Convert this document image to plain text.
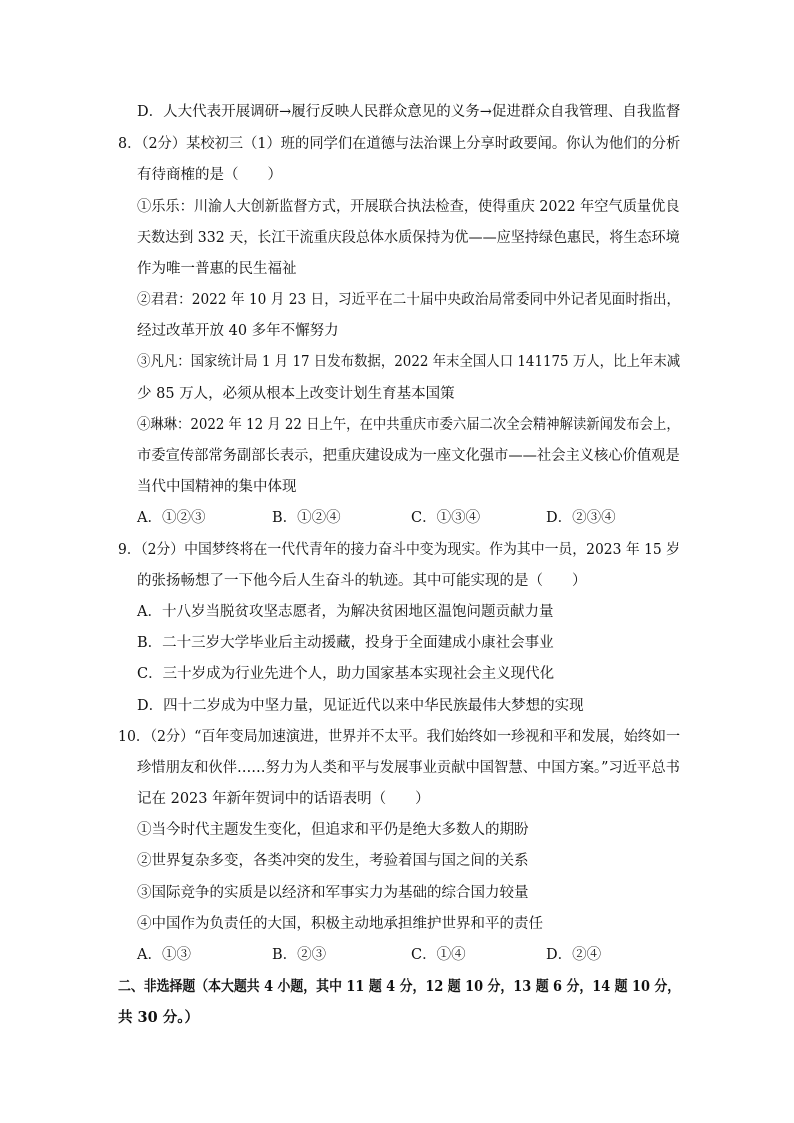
D．人大代表开展调研→履行反映人民群众意见的义务→促进群众自我管理、自我监督
8．（2分）某校初三（1）班的同学们在道德与法治课上分享时政要闻。你认为他们的分析
有待商榷的是（　　）
①乐乐：川渝人大创新监督方式，开展联合执法检查，使得重庆 2022 年空气质量优良
天数达到 332 天，长江干流重庆段总体水质保持为优——应坚持绿色惠民，将生态环境
作为唯一普惠的民生福祉
②君君：2022 年 10 月 23 日，习近平在二十届中央政治局常委同中外记者见面时指出，
经过改革开放 40 多年不懈努力
③凡凡：国家统计局 1 月 17 日发布数据，2022 年末全国人口 141175 万人，比上年末减
少 85 万人，必须从根本上改变计划生育基本国策
④琳琳：2022 年 12 月 22 日上午，在中共重庆市委六届二次全会精神解读新闻发布会上，
市委宣传部常务副部长表示，把重庆建设成为一座文化强市——社会主义核心价值观是
当代中国精神的集中体现
A．①②③	B．①②④	C．①③④	D．②③④
9．（2分）中国梦终将在一代代青年的接力奋斗中变为现实。作为其中一员，2023 年 15 岁
的张扬畅想了一下他今后人生奋斗的轨迹。其中可能实现的是（　　）
A．十八岁当脱贫攻坚志愿者，为解决贫困地区温饱问题贡献力量
B．二十三岁大学毕业后主动援藏，投身于全面建成小康社会事业
C．三十岁成为行业先进个人，助力国家基本实现社会主义现代化
D．四十二岁成为中坚力量，见证近代以来中华民族最伟大梦想的实现
10．（2分）“百年变局加速演进，世界并不太平。我们始终如一珍视和平和发展，始终如一
珍惜朋友和伙伴……努力为人类和平与发展事业贡献中国智慧、中国方案。”习近平总书
记在 2023 年新年贺词中的话语表明（　　）
①当今时代主题发生变化，但追求和平仍是绝大多数人的期盼
②世界复杂多变，各类冲突的发生，考验着国与国之间的关系
③国际竞争的实质是以经济和军事实力为基础的综合国力较量
④中国作为负责任的大国，积极主动地承担维护世界和平的责任
A．①③	B．②③	C．①④	D．②④
二、非选择题（本大题共 4 小题，其中 11 题 4 分，12 题 10 分，13 题 6 分，14 题 10 分，
共 30 分。）
